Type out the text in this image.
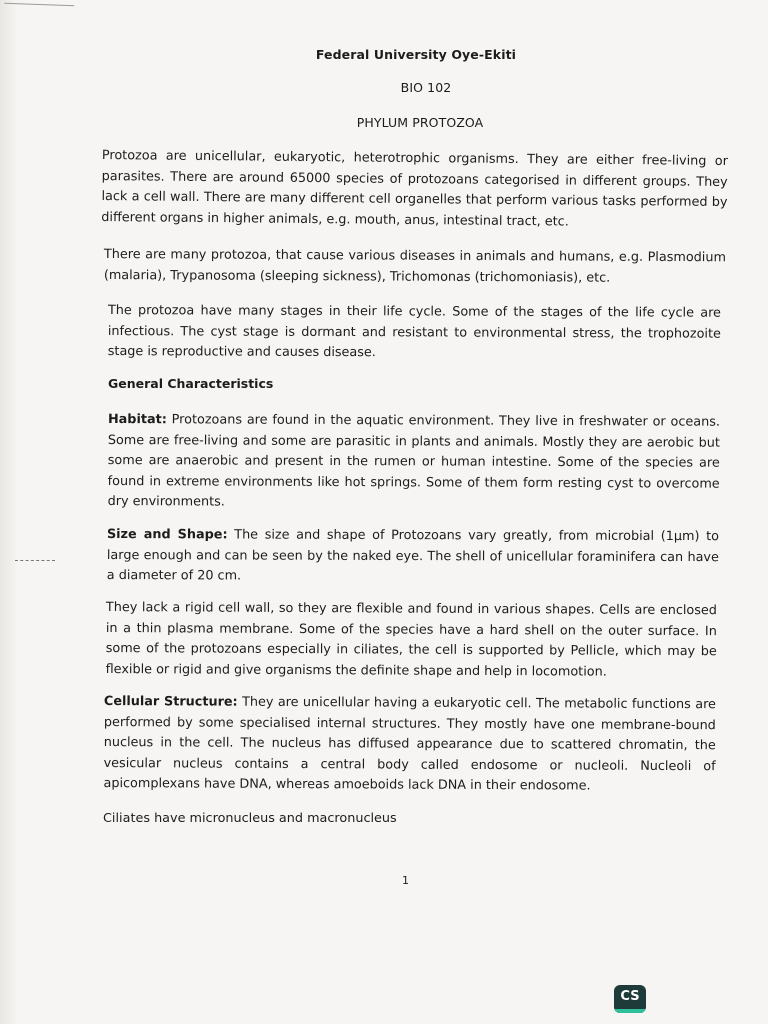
Federal University Oye-Ekiti
BIO 102
PHYLUM PROTOZOA

Protozoa are unicellular, eukaryotic, heterotrophic organisms. They are either free-living or parasites. There are around 65000 species of protozoans categorised in different groups. They lack a cell wall. There are many different cell organelles that perform various tasks performed by different organs in higher animals, e.g. mouth, anus, intestinal tract, etc.

There are many protozoa, that cause various diseases in animals and humans, e.g. Plasmodium (malaria), Trypanosoma (sleeping sickness), Trichomonas (trichomoniasis), etc.

The protozoa have many stages in their life cycle. Some of the stages of the life cycle are infectious. The cyst stage is dormant and resistant to environmental stress, the trophozoite stage is reproductive and causes disease.

General Characteristics

Habitat: Protozoans are found in the aquatic environment. They live in freshwater or oceans. Some are free-living and some are parasitic in plants and animals. Mostly they are aerobic but some are anaerobic and present in the rumen or human intestine. Some of the species are found in extreme environments like hot springs. Some of them form resting cyst to overcome dry environments.

Size and Shape: The size and shape of Protozoans vary greatly, from microbial (1μm) to large enough and can be seen by the naked eye. The shell of unicellular foraminifera can have a diameter of 20 cm.

They lack a rigid cell wall, so they are flexible and found in various shapes. Cells are enclosed in a thin plasma membrane. Some of the species have a hard shell on the outer surface. In some of the protozoans especially in ciliates, the cell is supported by Pellicle, which may be flexible or rigid and give organisms the definite shape and help in locomotion.

Cellular Structure: They are unicellular having a eukaryotic cell. The metabolic functions are performed by some specialised internal structures. They mostly have one membrane-bound nucleus in the cell. The nucleus has diffused appearance due to scattered chromatin, the vesicular nucleus contains a central body called endosome or nucleoli. Nucleoli of apicomplexans have DNA, whereas amoeboids lack DNA in their endosome.

Ciliates have micronucleus and macronucleus

1
CS
